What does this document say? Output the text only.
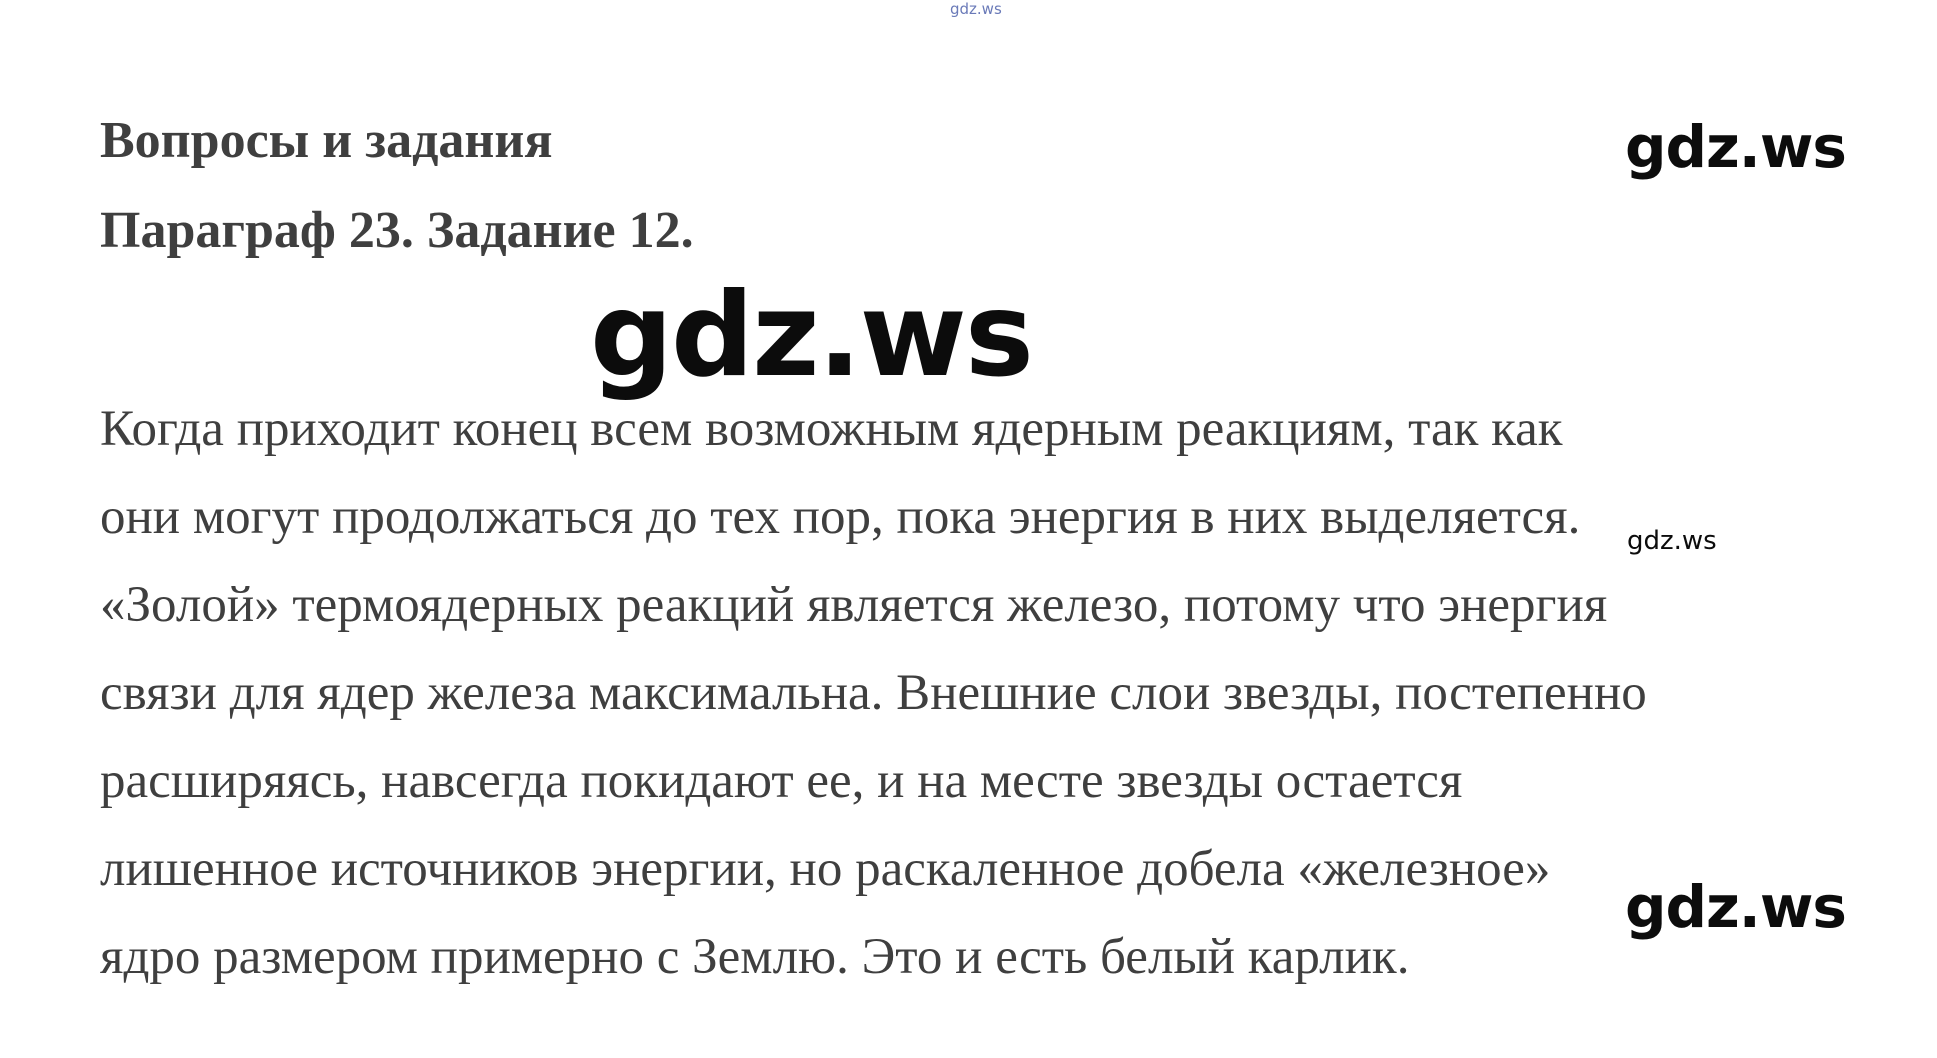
gdz.ws
Вопросы и задания
Параграф 23. Задание 12.
gdz.ws
gdz.ws

Когда приходит конец всем возможным ядерным реакциям, так как
они могут продолжаться до тех пор, пока энергия в них выделяется.
«Золой» термоядерных реакций является железо, потому что энергия
связи для ядер железа максимальна. Внешние слои звезды, постепенно
расширяясь, навсегда покидают ее, и на месте звезды остается
лишенное источников энергии, но раскаленное добела «железное»
ядро размером примерно с Землю. Это и есть белый карлик.

gdz.ws
gdz.ws
